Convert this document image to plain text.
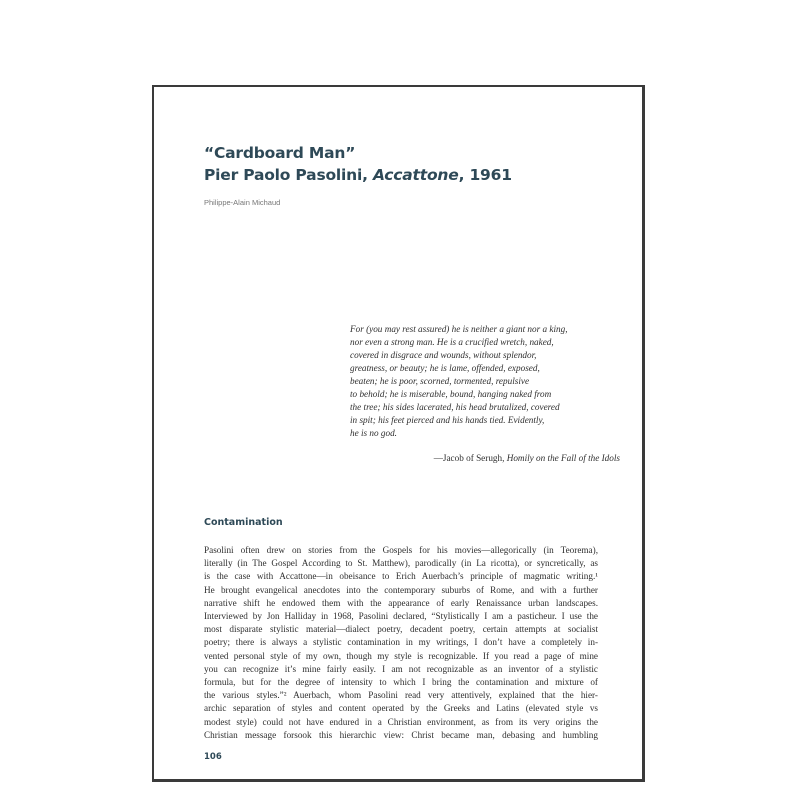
“Cardboard Man”
Pier Paolo Pasolini, Accattone, 1961
Philippe-Alain Michaud
For (you may rest assured) he is neither a giant nor a king,
nor even a strong man. He is a crucified wretch, naked,
covered in disgrace and wounds, without splendor,
greatness, or beauty; he is lame, offended, exposed,
beaten; he is poor, scorned, tormented, repulsive
to behold; he is miserable, bound, hanging naked from
the tree; his sides lacerated, his head brutalized, covered
in spit; his feet pierced and his hands tied. Evidently,
he is no god.
—Jacob of Serugh, Homily on the Fall of the Idols
Contamination
Pasolini often drew on stories from the Gospels for his movies—allegorically (in Teorema),
literally (in The Gospel According to St. Matthew), parodically (in La ricotta), or syncretically, as
is the case with Accattone—in obeisance to Erich Auerbach’s principle of magmatic writing.¹
He brought evangelical anecdotes into the contemporary suburbs of Rome, and with a further
narrative shift he endowed them with the appearance of early Renaissance urban landscapes.
Interviewed by Jon Halliday in 1968, Pasolini declared, “Stylistically I am a pasticheur. I use the
most disparate stylistic material—dialect poetry, decadent poetry, certain attempts at socialist
poetry; there is always a stylistic contamination in my writings, I don’t have a completely in-
vented personal style of my own, though my style is recognizable. If you read a page of mine
you can recognize it’s mine fairly easily. I am not recognizable as an inventor of a stylistic
formula, but for the degree of intensity to which I bring the contamination and mixture of
the various styles.”² Auerbach, whom Pasolini read very attentively, explained that the hier-
archic separation of styles and content operated by the Greeks and Latins (elevated style vs
modest style) could not have endured in a Christian environment, as from its very origins the
Christian message forsook this hierarchic view: Christ became man, debasing and humbling
106
